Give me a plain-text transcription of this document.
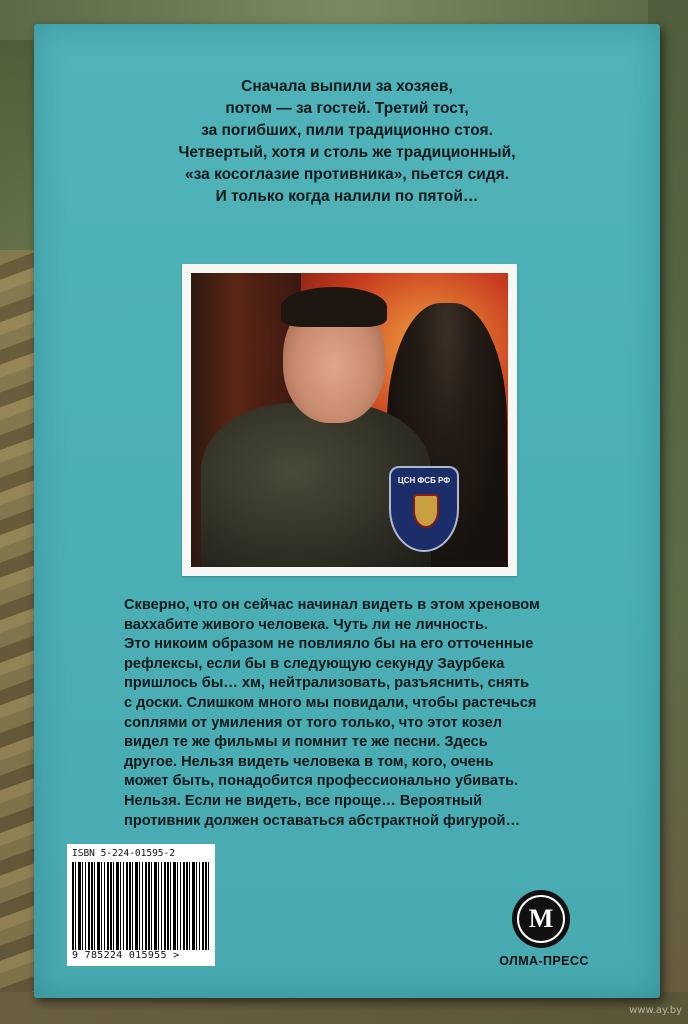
Сначала выпили за хозяев,
потом — за гостей. Третий тост,
за погибших, пили традиционно стоя.
Четвертый, хотя и столь же традиционный,
«за косоглазие противника», пьется сидя.
И только когда налили по пятой…
ЦСН ФСБ РФ
Скверно, что он сейчас начинал видеть в этом хреновом
ваххабите живого человека. Чуть ли не личность.
Это никоим образом не повлияло бы на его отточенные
рефлексы, если бы в следующую секунду Заурбека
пришлось бы… хм, нейтрализовать, разъяснить, снять
с доски. Слишком много мы повидали, чтобы растечься
соплями от умиления от того только, что этот козел
видел те же фильмы и помнит те же песни. Здесь
другое. Нельзя видеть человека в том, кого, очень
может быть, понадобится профессионально убивать.
Нельзя. Если не видеть, все проще… Вероятный
противник должен оставаться абстрактной фигурой…
ISBN 5-224-01595-2
9 785224 015955 >
M
ОЛМА-ПРЕСС
www.ay.by
